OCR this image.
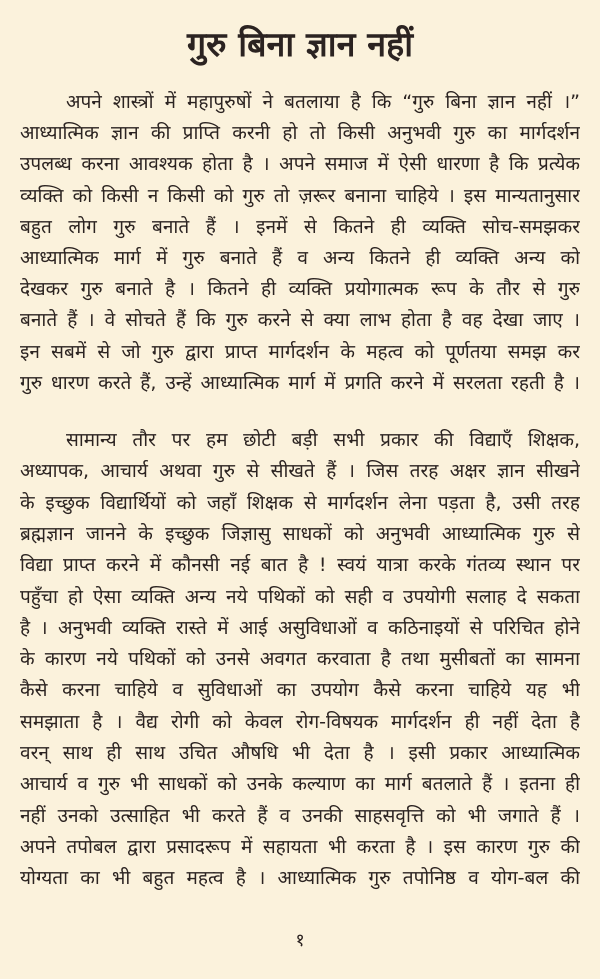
गुरु बिना ज्ञान नहीं
अपने शास्त्रों में महापुरुषों ने बतलाया है कि “गुरु बिना ज्ञान नहीं ।”
आध्यात्मिक ज्ञान की प्राप्ति करनी हो तो किसी अनुभवी गुरु का मार्गदर्शन
उपलब्ध करना आवश्यक होता है । अपने समाज में ऐसी धारणा है कि प्रत्येक
व्यक्ति को किसी न किसी को गुरु तो ज़रूर बनाना चाहिये । इस मान्यतानुसार
बहुत लोग गुरु बनाते हैं । इनमें से कितने ही व्यक्ति सोच-समझकर
आध्यात्मिक मार्ग में गुरु बनाते हैं व अन्य कितने ही व्यक्ति अन्य को
देखकर गुरु बनाते है । कितने ही व्यक्ति प्रयोगात्मक रूप के तौर से गुरु
बनाते हैं । वे सोचते हैं कि गुरु करने से क्या लाभ होता है वह देखा जाए ।
इन सबमें से जो गुरु द्वारा प्राप्त मार्गदर्शन के महत्व को पूर्णतया समझ कर
गुरु धारण करते हैं, उन्हें आध्यात्मिक मार्ग में प्रगति करने में सरलता रहती है ।
सामान्य तौर पर हम छोटी बड़ी सभी प्रकार की विद्याएँ शिक्षक,
अध्यापक, आचार्य अथवा गुरु से सीखते हैं । जिस तरह अक्षर ज्ञान सीखने
के इच्छुक विद्यार्थियों को जहाँ शिक्षक से मार्गदर्शन लेना पड़ता है, उसी तरह
ब्रह्मज्ञान जानने के इच्छुक जिज्ञासु साधकों को अनुभवी आध्यात्मिक गुरु से
विद्या प्राप्त करने में कौनसी नई बात है ! स्वयं यात्रा करके गंतव्य स्थान पर
पहुँचा हो ऐसा व्यक्ति अन्य नये पथिकों को सही व उपयोगी सलाह दे सकता
है । अनुभवी व्यक्ति रास्ते में आई असुविधाओं व कठिनाइयों से परिचित होने
के कारण नये पथिकों को उनसे अवगत करवाता है तथा मुसीबतों का सामना
कैसे करना चाहिये व सुविधाओं का उपयोग कैसे करना चाहिये यह भी
समझाता है । वैद्य रोगी को केवल रोग-विषयक मार्गदर्शन ही नहीं देता है
वरन् साथ ही साथ उचित औषधि भी देता है । इसी प्रकार आध्यात्मिक
आचार्य व गुरु भी साधकों को उनके कल्याण का मार्ग बतलाते हैं । इतना ही
नहीं उनको उत्साहित भी करते हैं व उनकी साहसवृत्ति को भी जगाते हैं ।
अपने तपोबल द्वारा प्रसादरूप में सहायता भी करता है । इस कारण गुरु की
योग्यता का भी बहुत महत्व है । आध्यात्मिक गुरु तपोनिष्ठ व योग-बल की
१
